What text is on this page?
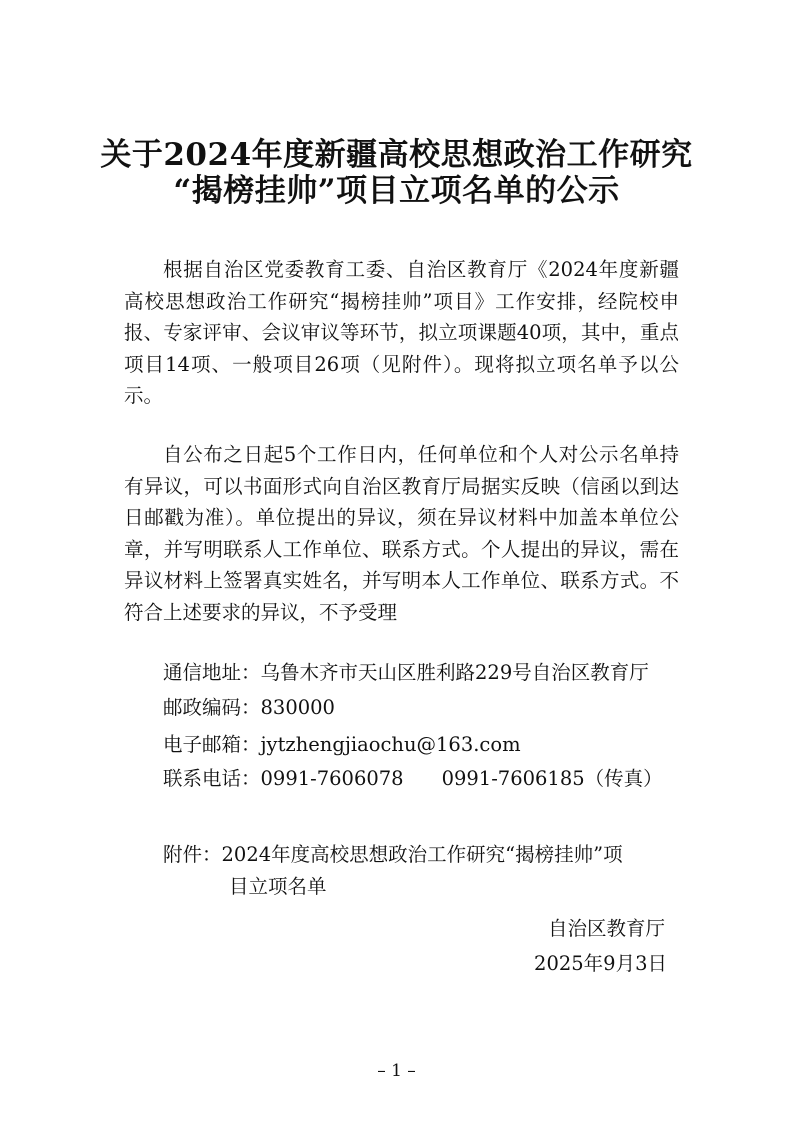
关于2024年度新疆高校思想政治工作研究
“揭榜挂帅”项目立项名单的公示

根据自治区党委教育工委、自治区教育厅《2024年度新疆高校思想政治工作研究“揭榜挂帅”项目》工作安排，经院校申报、专家评审、会议审议等环节，拟立项课题40项，其中，重点项目14项、一般项目26项（见附件）。现将拟立项名单予以公示。

自公布之日起5个工作日内，任何单位和个人对公示名单持有异议，可以书面形式向自治区教育厅局据实反映（信函以到达日邮戳为准）。单位提出的异议，须在异议材料中加盖本单位公章，并写明联系人工作单位、联系方式。个人提出的异议，需在异议材料上签署真实姓名，并写明本人工作单位、联系方式。不符合上述要求的异议，不予受理

通信地址：乌鲁木齐市天山区胜利路229号自治区教育厅
邮政编码：830000
电子邮箱：jytzhengjiaochu@163.com
联系电话：0991-7606078 0991-7606185（传真）
附件：2024年度高校思想政治工作研究“揭榜挂帅”项
目立项名单
自治区教育厅
2025年9月3日
– 1 –
